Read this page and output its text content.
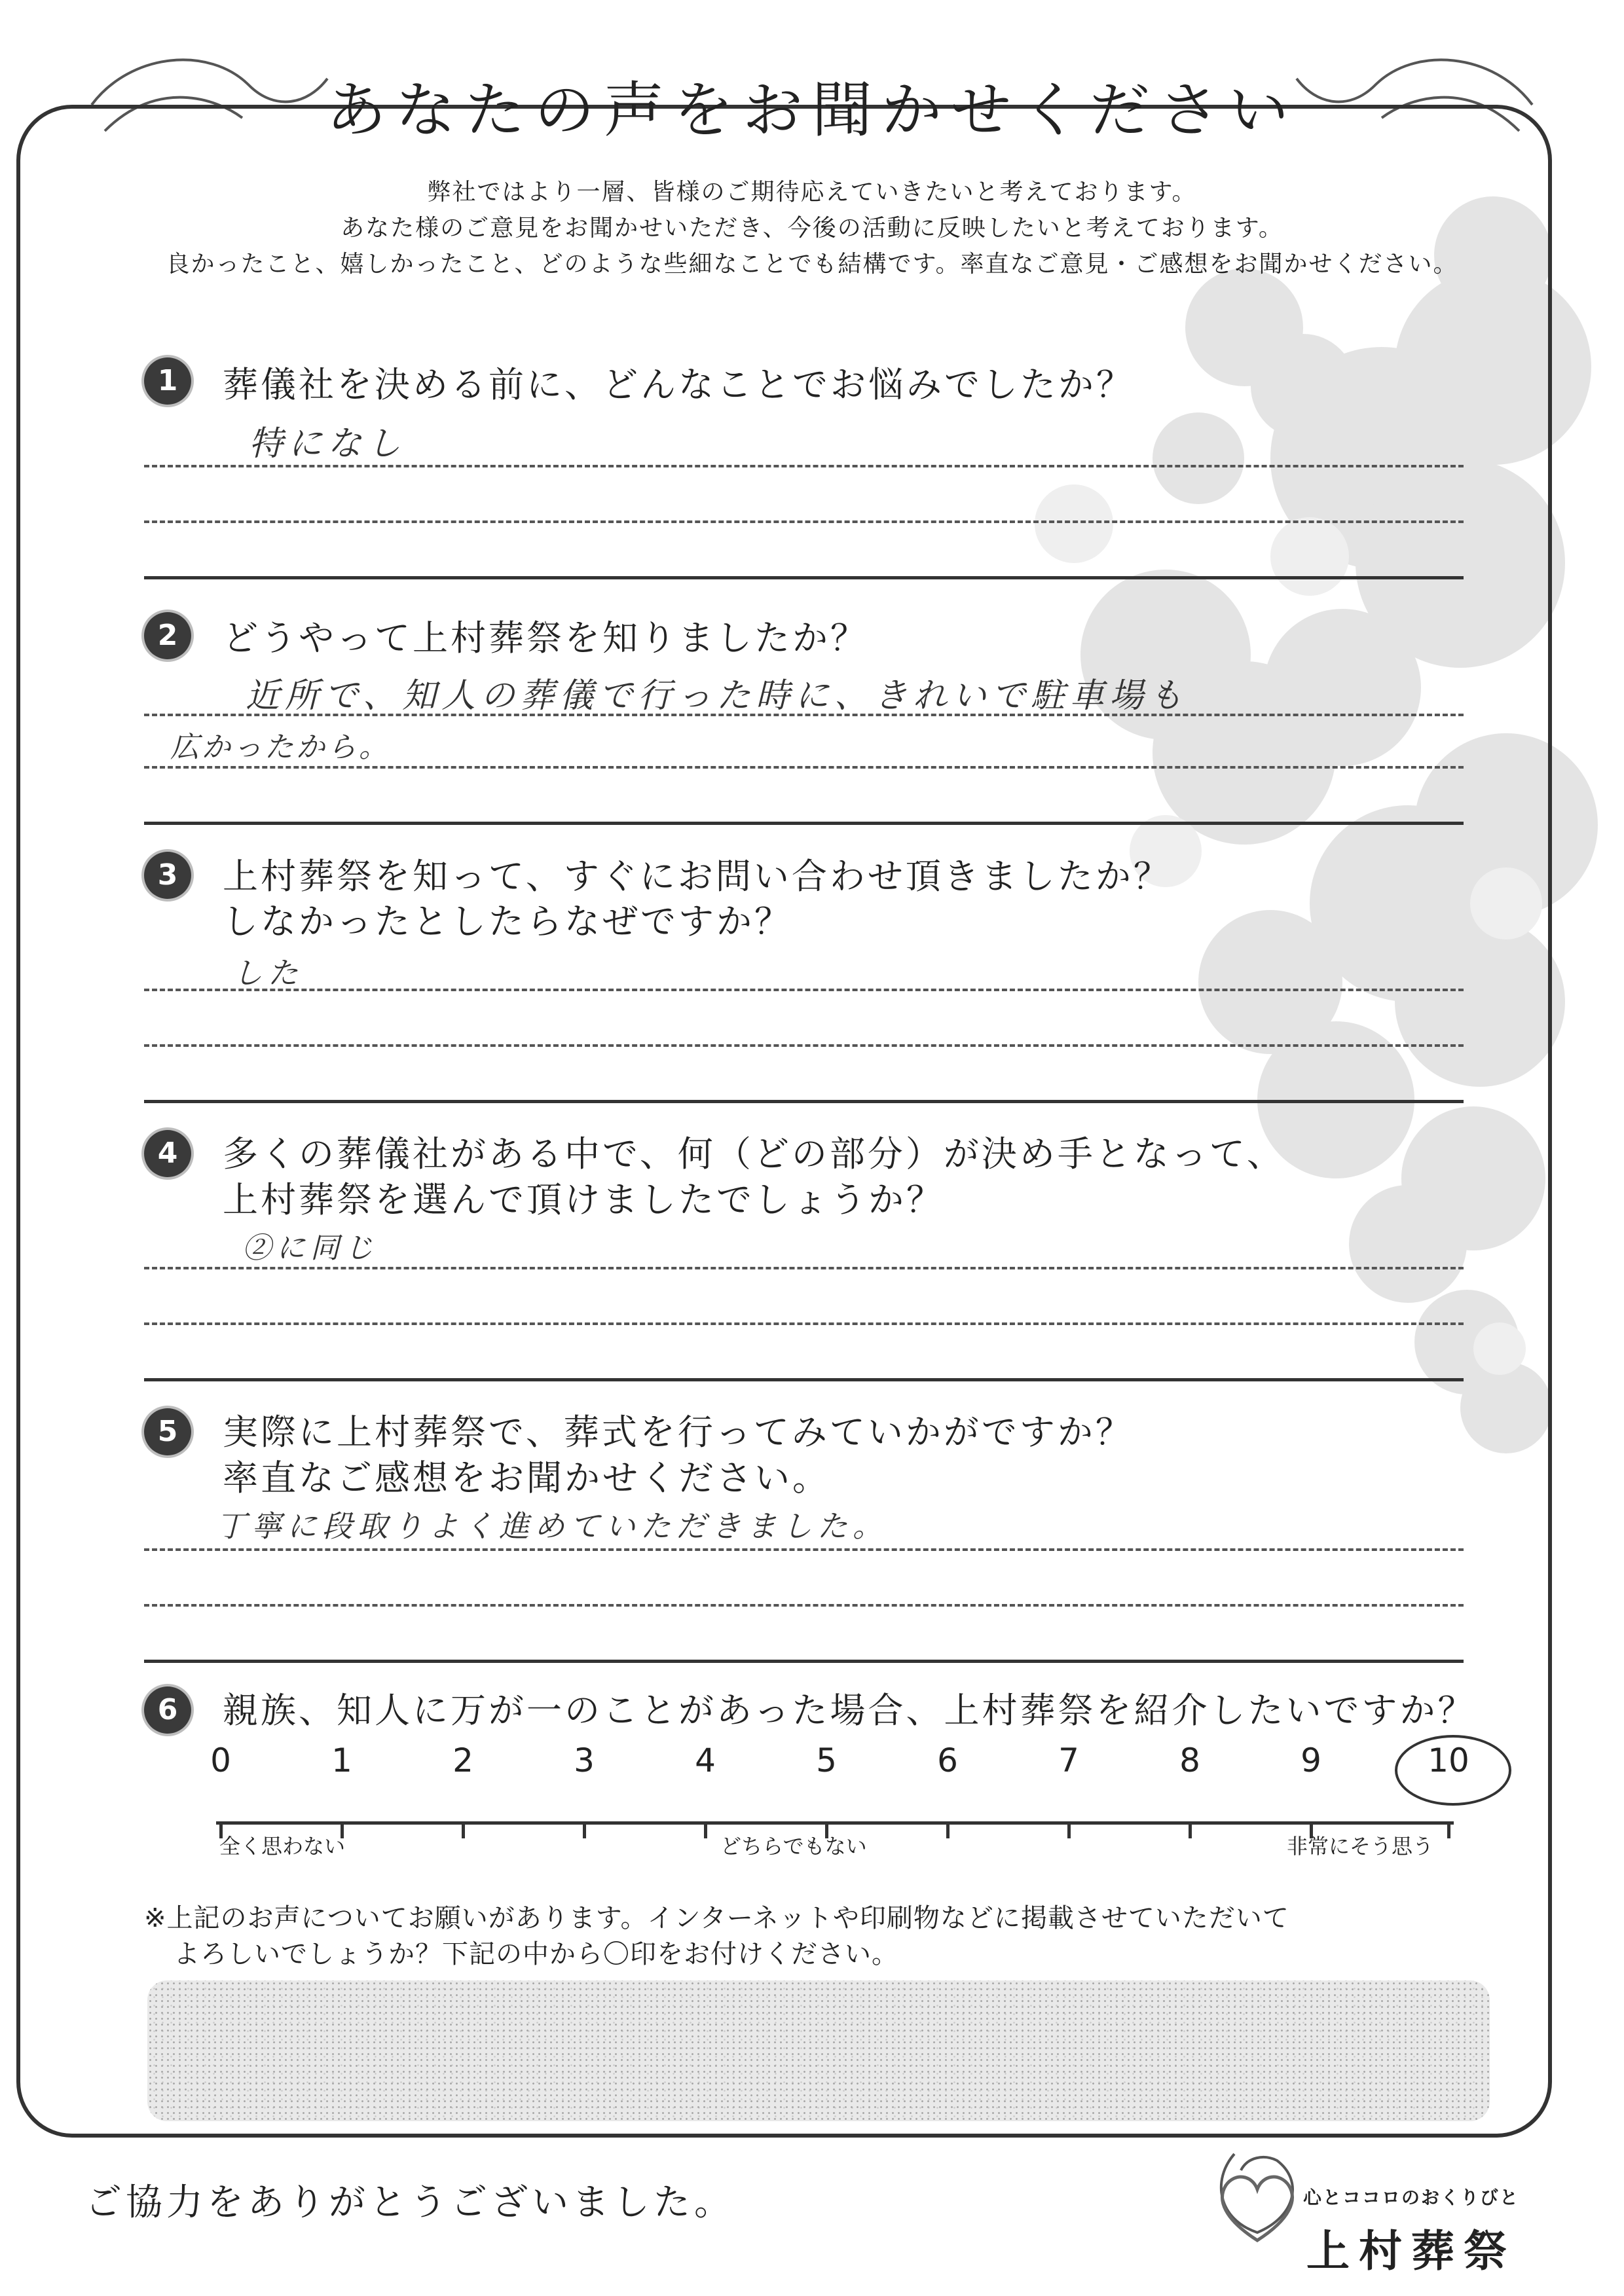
あなたの声をお聞かせください
弊社ではより一層、皆様のご期待応えていきたいと考えております。
あなた様のご意見をお聞かせいただき、今後の活動に反映したいと考えております。
良かったこと、嬉しかったこと、どのような些細なことでも結構です。率直なご意見・ご感想をお聞かせください。
1	葬儀社を決める前に、どんなことでお悩みでしたか？
特になし
2	どうやって上村葬祭を知りましたか？
近所で、知人の葬儀で行った時に、きれいで駐車場も
広かったから。
3	上村葬祭を知って、すぐにお問い合わせ頂きましたか？
しなかったとしたらなぜですか？
した
4	多くの葬儀社がある中で、何（どの部分）が決め手となって、
上村葬祭を選んで頂けましたでしょうか？
②に同じ
5	実際に上村葬祭で、葬式を行ってみていかがですか？
率直なご感想をお聞かせください。
丁寧に段取りよく進めていただきました。
6	親族、知人に万が一のことがあった場合、上村葬祭を紹介したいですか？
0	1	2	3	4	5	6	7	8	9	10
全く思わない	どちらでもない	非常にそう思う
※上記のお声についてお願いがあります。インターネットや印刷物などに掲載させていただいて
よろしいでしょうか？下記の中から〇印をお付けください。
ご協力をありがとうございました。	心とココロのおくりびと
上村葬祭
